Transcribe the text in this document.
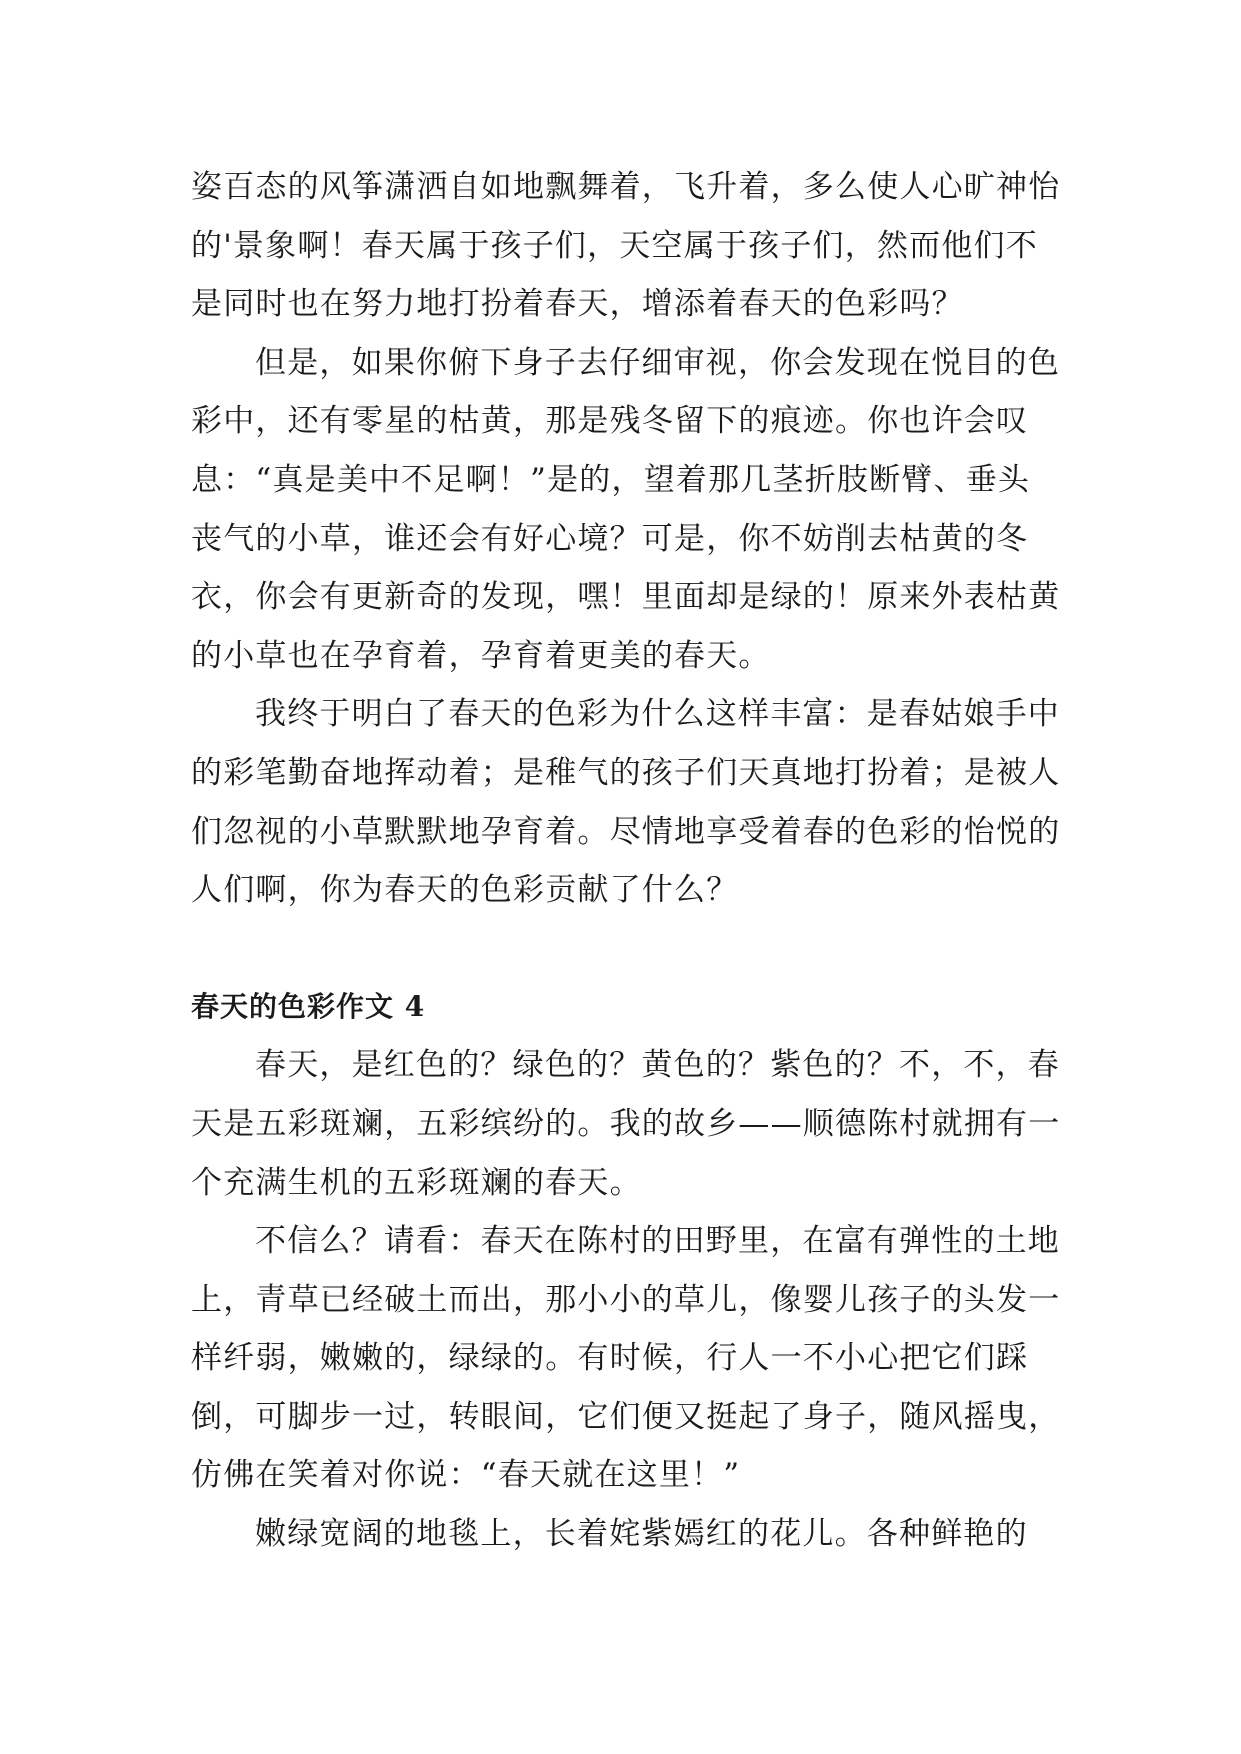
姿百态的风筝潇洒自如地飘舞着，飞升着，多么使人心旷神怡的'景象啊！春天属于孩子们，天空属于孩子们，然而他们不是同时也在努力地打扮着春天，增添着春天的色彩吗？

但是，如果你俯下身子去仔细审视，你会发现在悦目的色彩中，还有零星的枯黄，那是残冬留下的痕迹。你也许会叹息：“真是美中不足啊！”是的，望着那几茎折肢断臂、垂头丧气的小草，谁还会有好心境？可是，你不妨削去枯黄的冬衣，你会有更新奇的发现，嘿！里面却是绿的！原来外表枯黄的小草也在孕育着，孕育着更美的春天。

我终于明白了春天的色彩为什么这样丰富：是春姑娘手中的彩笔勤奋地挥动着；是稚气的孩子们天真地打扮着；是被人们忽视的小草默默地孕育着。尽情地享受着春的色彩的怡悦的人们啊，你为春天的色彩贡献了什么？

春天的色彩作文 4

春天，是红色的？绿色的？黄色的？紫色的？不，不，春天是五彩斑斓，五彩缤纷的。我的故乡——顺德陈村就拥有一个充满生机的五彩斑斓的春天。

不信么？请看：春天在陈村的田野里，在富有弹性的土地上，青草已经破土而出，那小小的草儿，像婴儿孩子的头发一样纤弱，嫩嫩的，绿绿的。有时候，行人一不小心把它们踩倒，可脚步一过，转眼间，它们便又挺起了身子，随风摇曳，仿佛在笑着对你说：“春天就在这里！”

嫩绿宽阔的地毯上，长着姹紫嫣红的花儿。各种鲜艳的
